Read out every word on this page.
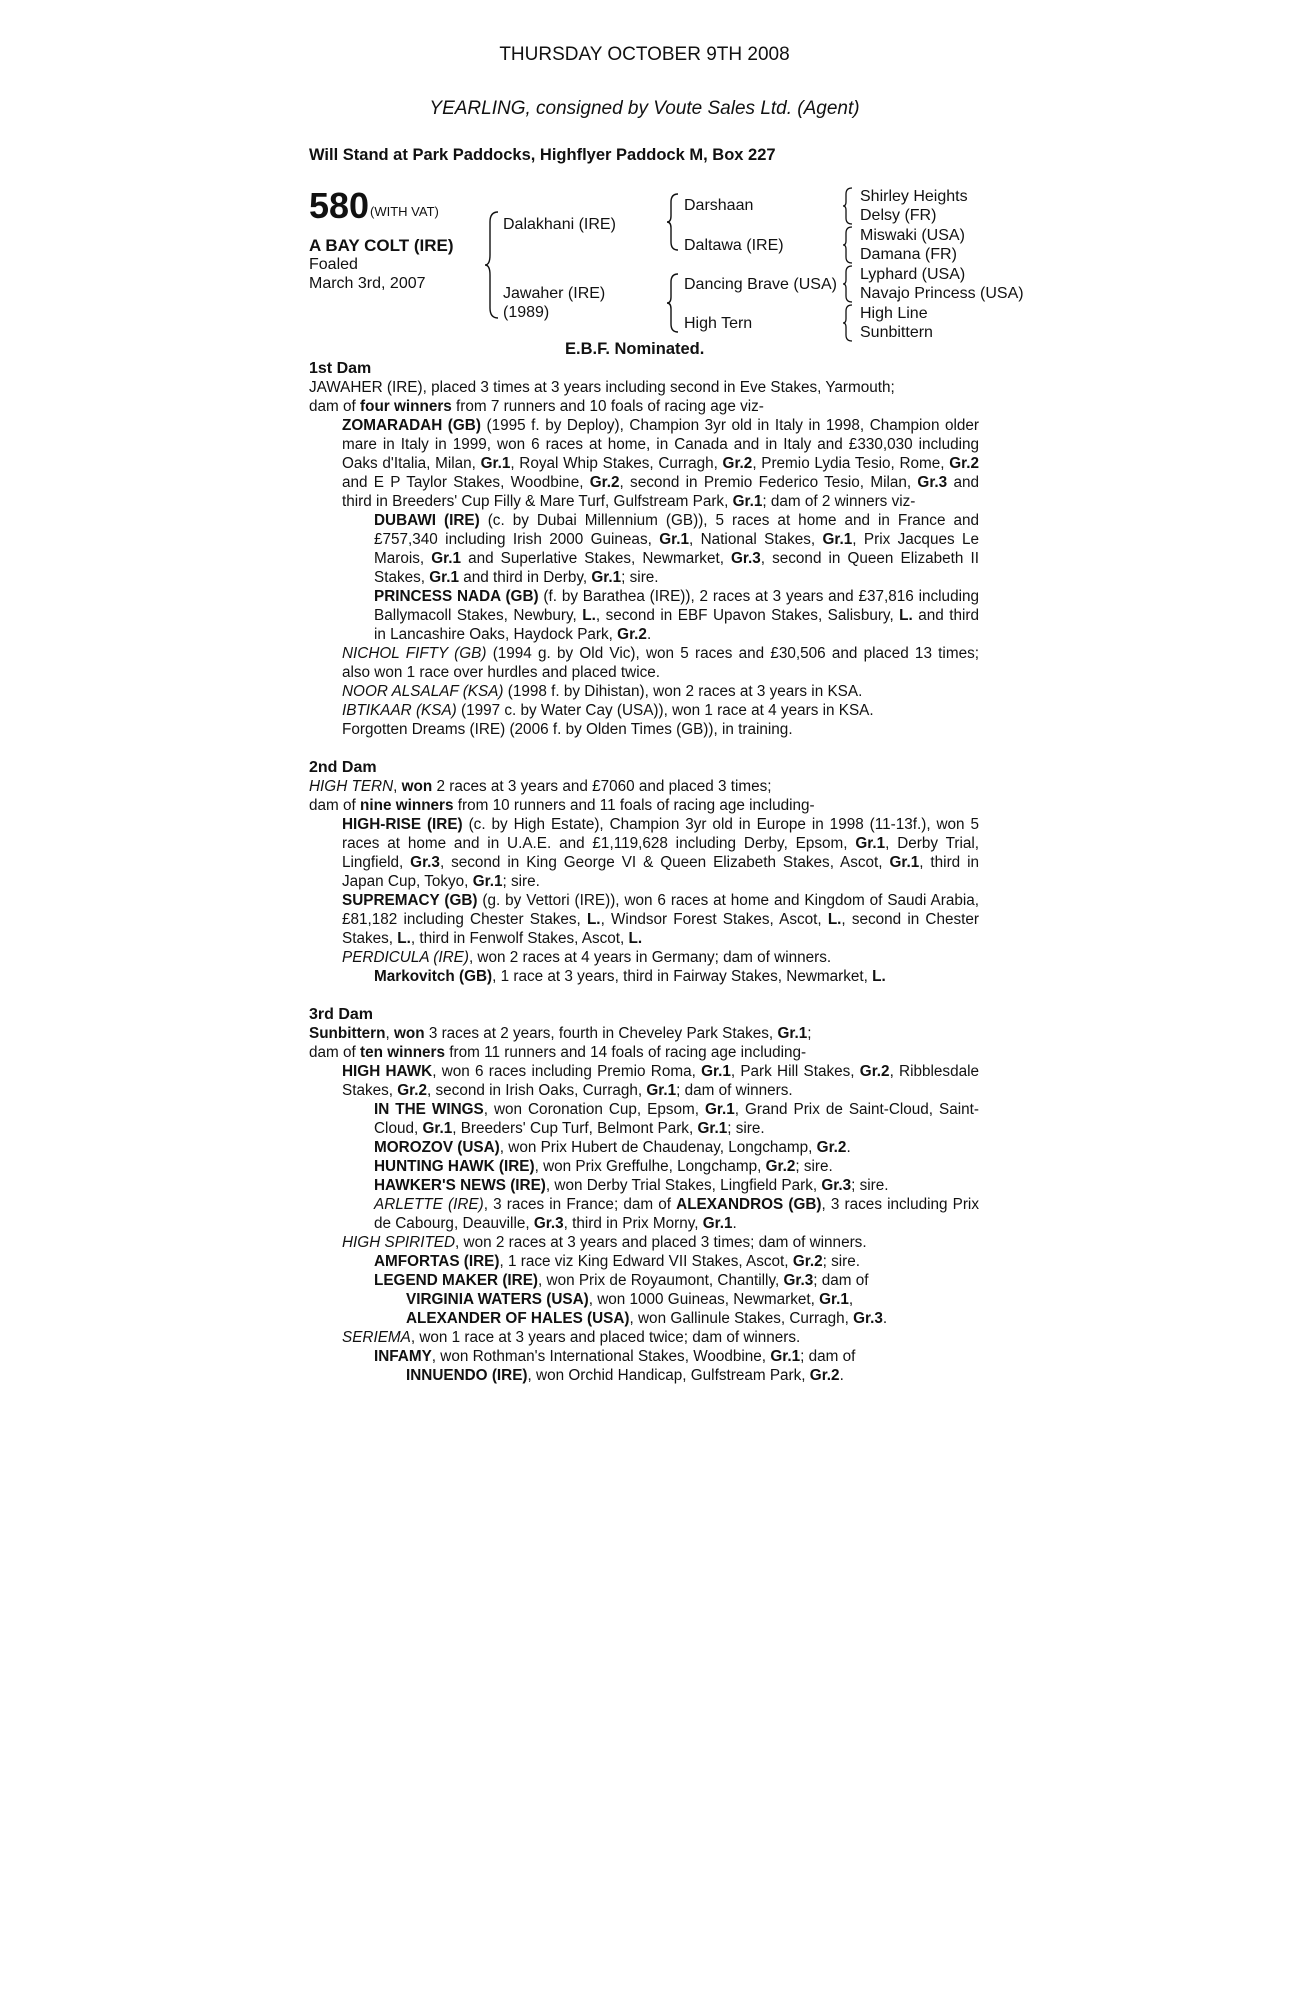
THURSDAY OCTOBER 9TH 2008
YEARLING, consigned by Voute Sales Ltd. (Agent)
Will Stand at Park Paddocks, Highflyer Paddock M, Box 227
580 (WITH VAT)
A BAY COLT (IRE)
Foaled
March 3rd, 2007
Dalakhani (IRE)
Jawaher (IRE)
(1989)
Darshaan
Daltawa (IRE)
Dancing Brave (USA)
High Tern
Shirley Heights
Delsy (FR)
Miswaki (USA)
Damana (FR)
Lyphard (USA)
Navajo Princess (USA)
High Line
Sunbittern
E.B.F. Nominated.

1st Dam

JAWAHER (IRE), placed 3 times at 3 years including second in Eve Stakes, Yarmouth;

dam of four winners from 7 runners and 10 foals of racing age viz-

ZOMARADAH (GB) (1995 f. by Deploy), Champion 3yr old in Italy in 1998, Champion older mare in Italy in 1999, won 6 races at home, in Canada and in Italy and £330,030 including Oaks d'Italia, Milan, Gr.1, Royal Whip Stakes, Curragh, Gr.2, Premio Lydia Tesio, Rome, Gr.2 and E P Taylor Stakes, Woodbine, Gr.2, second in Premio Federico Tesio, Milan, Gr.3 and third in Breeders' Cup Filly & Mare Turf, Gulfstream Park, Gr.1; dam of 2 winners viz-
DUBAWI (IRE) (c. by Dubai Millennium (GB)), 5 races at home and in France and £757,340 including Irish 2000 Guineas, Gr.1, National Stakes, Gr.1, Prix Jacques Le Marois, Gr.1 and Superlative Stakes, Newmarket, Gr.3, second in Queen Elizabeth II Stakes, Gr.1 and third in Derby, Gr.1; sire.
PRINCESS NADA (GB) (f. by Barathea (IRE)), 2 races at 3 years and £37,816 including Ballymacoll Stakes, Newbury, L., second in EBF Upavon Stakes, Salisbury, L. and third in Lancashire Oaks, Haydock Park, Gr.2.
NICHOL FIFTY (GB) (1994 g. by Old Vic), won 5 races and £30,506 and placed 13 times; also won 1 race over hurdles and placed twice.
NOOR ALSALAF (KSA) (1998 f. by Dihistan), won 2 races at 3 years in KSA.
IBTIKAAR (KSA) (1997 c. by Water Cay (USA)), won 1 race at 4 years in KSA.
Forgotten Dreams (IRE) (2006 f. by Olden Times (GB)), in training.

2nd Dam

HIGH TERN, won 2 races at 3 years and £7060 and placed 3 times;

dam of nine winners from 10 runners and 11 foals of racing age including-

HIGH-RISE (IRE) (c. by High Estate), Champion 3yr old in Europe in 1998 (11-13f.), won 5 races at home and in U.A.E. and £1,119,628 including Derby, Epsom, Gr.1, Derby Trial, Lingfield, Gr.3, second in King George VI & Queen Elizabeth Stakes, Ascot, Gr.1, third in Japan Cup, Tokyo, Gr.1; sire.
SUPREMACY (GB) (g. by Vettori (IRE)), won 6 races at home and Kingdom of Saudi Arabia, £81,182 including Chester Stakes, L., Windsor Forest Stakes, Ascot, L., second in Chester Stakes, L., third in Fenwolf Stakes, Ascot, L.
PERDICULA (IRE), won 2 races at 4 years in Germany; dam of winners.
Markovitch (GB), 1 race at 3 years, third in Fairway Stakes, Newmarket, L.

3rd Dam

Sunbittern, won 3 races at 2 years, fourth in Cheveley Park Stakes, Gr.1;

dam of ten winners from 11 runners and 14 foals of racing age including-

HIGH HAWK, won 6 races including Premio Roma, Gr.1, Park Hill Stakes, Gr.2, Ribblesdale Stakes, Gr.2, second in Irish Oaks, Curragh, Gr.1; dam of winners.
IN THE WINGS, won Coronation Cup, Epsom, Gr.1, Grand Prix de Saint-Cloud, Saint-Cloud, Gr.1, Breeders' Cup Turf, Belmont Park, Gr.1; sire.
MOROZOV (USA), won Prix Hubert de Chaudenay, Longchamp, Gr.2.
HUNTING HAWK (IRE), won Prix Greffulhe, Longchamp, Gr.2; sire.
HAWKER'S NEWS (IRE), won Derby Trial Stakes, Lingfield Park, Gr.3; sire.
ARLETTE (IRE), 3 races in France; dam of ALEXANDROS (GB), 3 races including Prix de Cabourg, Deauville, Gr.3, third in Prix Morny, Gr.1.
HIGH SPIRITED, won 2 races at 3 years and placed 3 times; dam of winners.
AMFORTAS (IRE), 1 race viz King Edward VII Stakes, Ascot, Gr.2; sire.
LEGEND MAKER (IRE), won Prix de Royaumont, Chantilly, Gr.3; dam of
VIRGINIA WATERS (USA), won 1000 Guineas, Newmarket, Gr.1,
ALEXANDER OF HALES (USA), won Gallinule Stakes, Curragh, Gr.3.
SERIEMA, won 1 race at 3 years and placed twice; dam of winners.
INFAMY, won Rothman's International Stakes, Woodbine, Gr.1; dam of
INNUENDO (IRE), won Orchid Handicap, Gulfstream Park, Gr.2.
